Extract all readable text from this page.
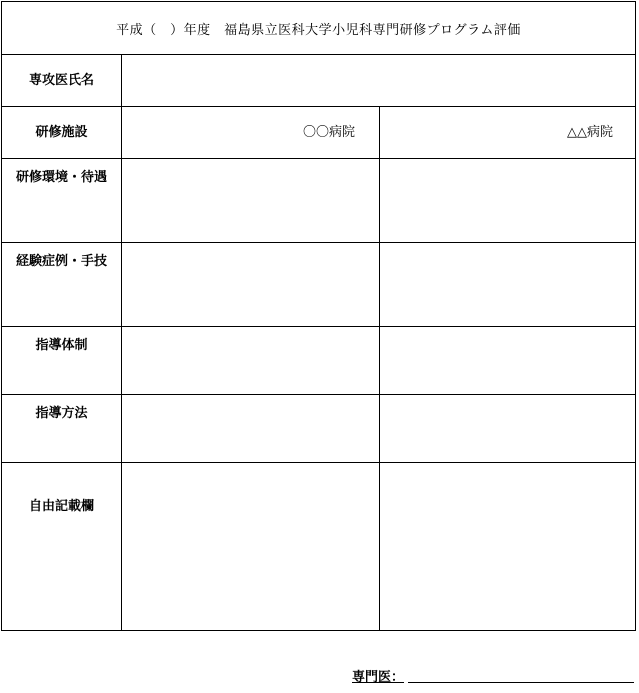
平成（　）年度　福島県立医科大学小児科専門研修プログラム評価
専攻医氏名
研修施設	〇〇病院	△△病院
研修環境・待遇
経験症例・手技
指導体制
指導方法
自由記載欄
専門医：
